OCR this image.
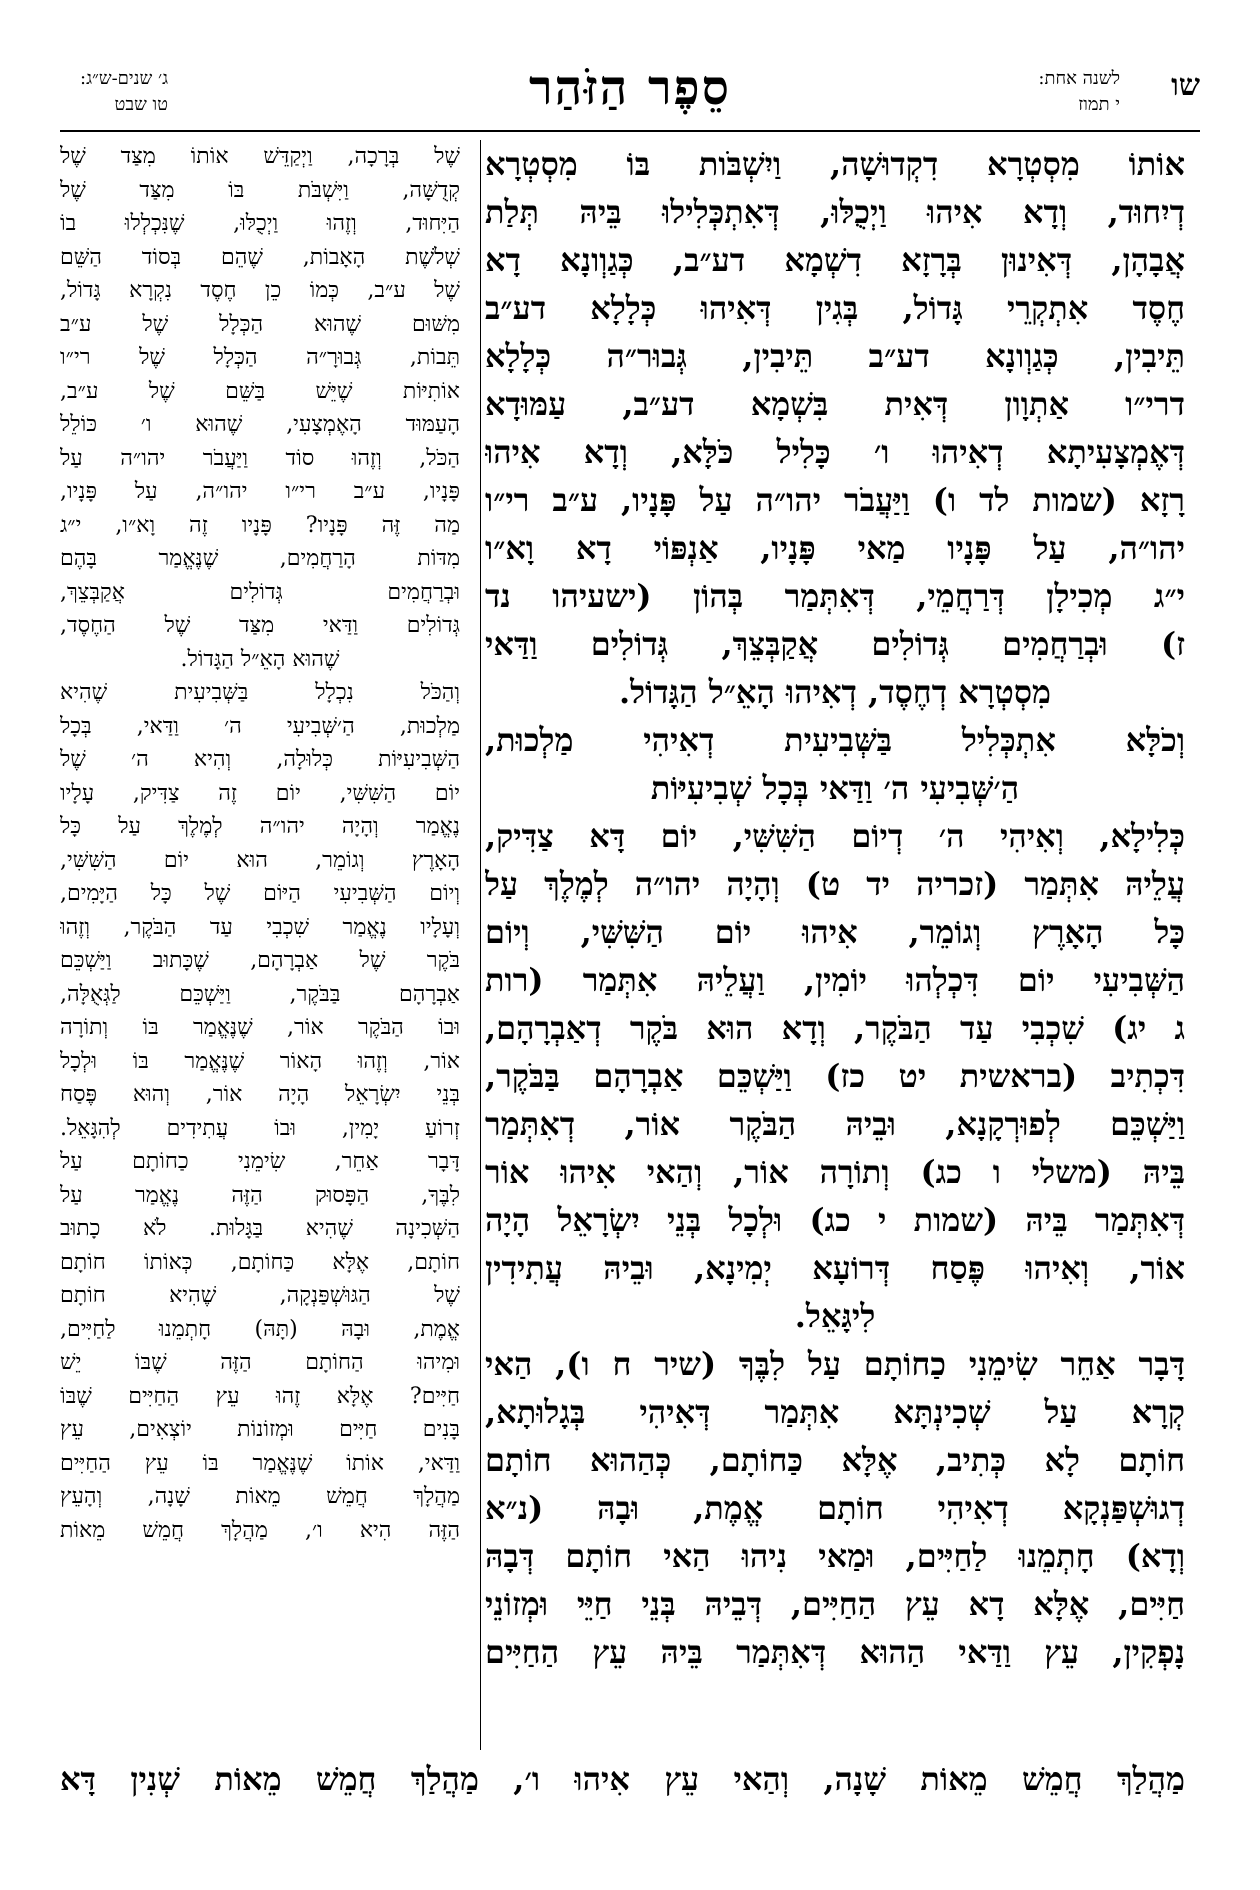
שו
לשנה אחת:
י תמוז
סֵפֶר הַזֹּהַר
ג׳ שנים-ש״ג:
טו שבט
אוֹתוֹ מִסְטְרָא דִקְדוּשָׁה, וַיִשְׁבֹּות בּוֹ מִסְטְרָא
דְיִחוּד, וְדָא אִיהוּ וַיְכֻלּוּ, דְּאִתְכְּלִילוּ בֵּיהּ תְּלַת
אֲבָהָן, דְּאִינוּן בְּרָזָא דִשְׁמָא דע״ב, כְּגַוְונָא דָא
חֶסֶד אִתְקְרֵי גָּדוֹל, בְּגִין דְּאִיהוּ כְּלָלָא דע״ב
תֵּיבִין, כְּגַוְונָא דע״ב תֵּיבִין, גְּבוּר״ה כְּלָלָא
דרי״ו אַתְוָון דְּאִית בִּשְׁמָא דע״ב, עַמּוּדָא
דְּאֶמְצָעִיתָא דְאִיהוּ ו׳ כָּלִיל כֹּלָּא, וְדָא אִיהוּ
רָזָא (שמות לד ו) וַיַּעֲבֹר יהו״ה עַל פָּנָיו, ע״ב רי״ו
יהו״ה, עַל פָּנָיו מַאי פָּנָיו, אַנְפּוֹי דָא וָא״ו
י״ג מְכִילָן דְּרַחֲמֵי, דְּאִתְּמַר בְּהוֹן (ישעיהו נד
ז) וּבְרַחֲמִים גְּדוֹלִים אֲקַבְּצֵךְ, גְּדוֹלִים וַדַּאי
מִסְטְרָא דְחֶסֶד, דְאִיהוּ הָאֵ״ל הַגָּדוֹל.
וְכֹלָּא אִתְכְּלִיל בַּשְּׁבִיעִית דְאִיהִי מַלְכוּת,
הַ׳שְּׁבִיעִי ה׳ וַדַּאי בְּכָל שְׁבִיעִיּוֹת
כְּלִילָא, וְאִיהִי ה׳ דְיוֹם הַשִּׁשִּׁי, יוֹם דָּא צַדִּיק,
עֲלֵיהּ אִתְּמַר (זכריה יד ט) וְהָיָה יהו״ה לְמֶלֶךְ עַל
כָּל הָאָרֶץ וְגוֹמֵר, אִיהוּ יוֹם הַשִּׁשִּׁי, וְיוֹם
הַשְּׁבִיעִי יוֹם דִּכְלְהוּ יוֹמִין, וַעֲלֵיהּ אִתְּמַר (רות
ג יג) שִׁכְבִי עַד הַבֹּקֶר, וְדָא הוּא בֹּקֶר דְאַבְרָהָם,
דִּכְתִיב (בראשית יט כז) וַיַּשְׁכֵּם אַבְרָהָם בַּבֹּקֶר,
וַיַּשְׁכֵּם לְפוּרְקָנָא, וּבֵיהּ הַבֹּקֶר אוֹר, דְאִתְּמַר
בֵּיהּ (משלי ו כג) וְתוֹרָה אוֹר, וְהַאי אִיהוּ אוֹר
דְּאִתְּמַר בֵּיהּ (שמות י כג) וּלְכָל בְּנֵי יִשְׂרָאֵל הָיָה
אוֹר, וְאִיהוּ פֶּסַח דְּרוֹעָא יְמִינָא, וּבֵיהּ עֲתִידִין
לִיגָּאֵל.
דָּבָר אַחֵר שִׂימֵנִי כַחוֹתָם עַל לִבֶּךָ (שיר ח ו), הַאי
קְרָא עַל שְׁכִינְתָּא אִתְּמַר דְּאִיהִי בְּגָלוּתָא,
חוֹתָם לָא כְּתִיב, אֶלָּא כַּחוֹתָם, כְּהַהוּא חוֹתָם
דְגוּשְׁפַּנְקָא דְאִיהִי חוֹתָם אֱמֶת, וּבָהּ (נ״א
וְדָא) חָתְמֵנוּ לַחַיִּים, וּמַאי נִיהוּ הַאי חוֹתָם דְּבָהּ
חַיִּים, אֶלָּא דָא עֵץ הַחַיִּים, דְּבֵיהּ בְּנֵי חַיֵּי וּמְזוֹנֵי
נָפְקִין, עֵץ וַדַּאי הַהוּא דְּאִתְּמַר בֵּיהּ עֵץ הַחַיִּים
שֶׁל בְּרָכָה, וַיְקַדֵּשׁ אוֹתוֹ מִצַּד שֶׁל
קְדֻשָּׁה, וַיִּשְׁבֹּת בּוֹ מִצַּד שֶׁל
הַיִּחוּד, וְזֶהוּ וַיְכֻלּוּ, שֶׁנִּכְלְלוּ בוֹ
שְׁלֹשֶׁת הָאָבוֹת, שֶׁהֵם בְּסוֹד הַשֵּׁם
שֶׁל ע״ב, כְּמוֹ כֵן חֶסֶד נִקְרָא גָּדוֹל,
מִשּׁוּם שֶׁהוּא הַכְּלָל שֶׁל ע״ב
תֵּבוֹת, גְּבוּרָ״ה הַכְּלָל שֶׁל רי״ו
אוֹתִיּוֹת שֶׁיֵּשׁ בַּשֵּׁם שֶׁל ע״ב,
הָעַמּוּד הָאֶמְצָעִי, שֶׁהוּא ו׳ כּוֹלֵל
הַכֹּל, וְזֶהוּ סוֹד וַיַּעֲבֹר יהו״ה עַל
פָּנָיו, ע״ב רי״ו יהו״ה, עַל פָּנָיו,
מַה זֶּה פָּנָיו? פָּנָיו זֶה וָא״ו, י״ג
מִדּוֹת הָרַחֲמִים, שֶׁנֶּאֱמַר בָּהֶם
וּבְרַחֲמִים גְּדוֹלִים אֲקַבְּצֵךְ,
גְּדוֹלִים וַדַּאי מִצַּד שֶׁל הַחֶסֶד,
שֶׁהוּא הָאֵ״ל הַגָּדוֹל.
וְהַכֹּל נִכְלָל בַּשְּׁבִיעִית שֶׁהִיא
מַלְכוּת, הַ׳שְּׁבִיעִי ה׳ וַדַּאי, בְּכָל
הַשְּׁבִיעִיּוֹת כְּלוּלָה, וְהִיא ה׳ שֶׁל
יוֹם הַשִּׁשִּׁי, יוֹם זֶה צַדִּיק, עָלָיו
נֶאֱמַר וְהָיָה יהו״ה לְמֶלֶךְ עַל כָּל
הָאָרֶץ וְגוֹמֵר, הוּא יוֹם הַשִּׁשִּׁי,
וְיוֹם הַשְּׁבִיעִי הַיּוֹם שֶׁל כָּל הַיָּמִים,
וְעָלָיו נֶאֱמַר שִׁכְבִי עַד הַבֹּקֶר, וְזֶהוּ
בֹּקֶר שֶׁל אַבְרָהָם, שֶׁכָּתוּב וַיַּשְׁכֵּם
אַבְרָהָם בַּבֹּקֶר, וַיַּשְׁכֵּם לַגְּאֻלָּה,
וּבוֹ הַבֹּקֶר אוֹר, שֶׁנֶּאֱמַר בּוֹ וְתוֹרָה
אוֹר, וְזֶהוּ הָאוֹר שֶׁנֶּאֱמַר בּוֹ וּלְכָל
בְּנֵי יִשְׂרָאֵל הָיָה אוֹר, וְהוּא פֶּסַח
זְרוֹעַ יָמִין, וּבוֹ עֲתִידִים לְהִגָּאֵל.
דָּבָר אַחֵר, שִׂימֵנִי כַחוֹתָם עַל
לִבֶּךָ, הַפָּסוּק הַזֶּה נֶאֱמַר עַל
הַשְּׁכִינָה שֶׁהִיא בַּגָּלוּת. לֹא כָתוּב
חוֹתָם, אֶלָּא כַּחוֹתָם, כְּאוֹתוֹ חוֹתָם
שֶׁל הַגּוּשְׁפַּנְקָה, שֶׁהִיא חוֹתָם
אֱמֶת, וּבָהּ (תָּהּ) חָתְמֵנוּ לַחַיִּים,
וּמִיהוּ הַחוֹתָם הַזֶּה שֶׁבּוֹ יֵשׁ
חַיִּים? אֶלָּא זֶהוּ עֵץ הַחַיִּים שֶׁבּוֹ
בָּנִים חַיִּים וּמְזוֹנוֹת יוֹצְאִים, עֵץ
וַדַּאי, אוֹתוֹ שֶׁנֶּאֱמַר בּוֹ עֵץ הַחַיִּים
מַהֲלָךְ חֲמֵשׁ מֵאוֹת שָׁנָה, וְהָעֵץ
הַזֶּה הִיא ו׳, מַהֲלָךְ חֲמֵשׁ מֵאוֹת
מַהֲלַךְ חֲמֵשׁ מֵאוֹת שָׁנָה, וְהַאי עֵץ אִיהוּ ו׳, מַהֲלַךְ חֲמֵשׁ מֵאוֹת שְׁנִין דָּא
